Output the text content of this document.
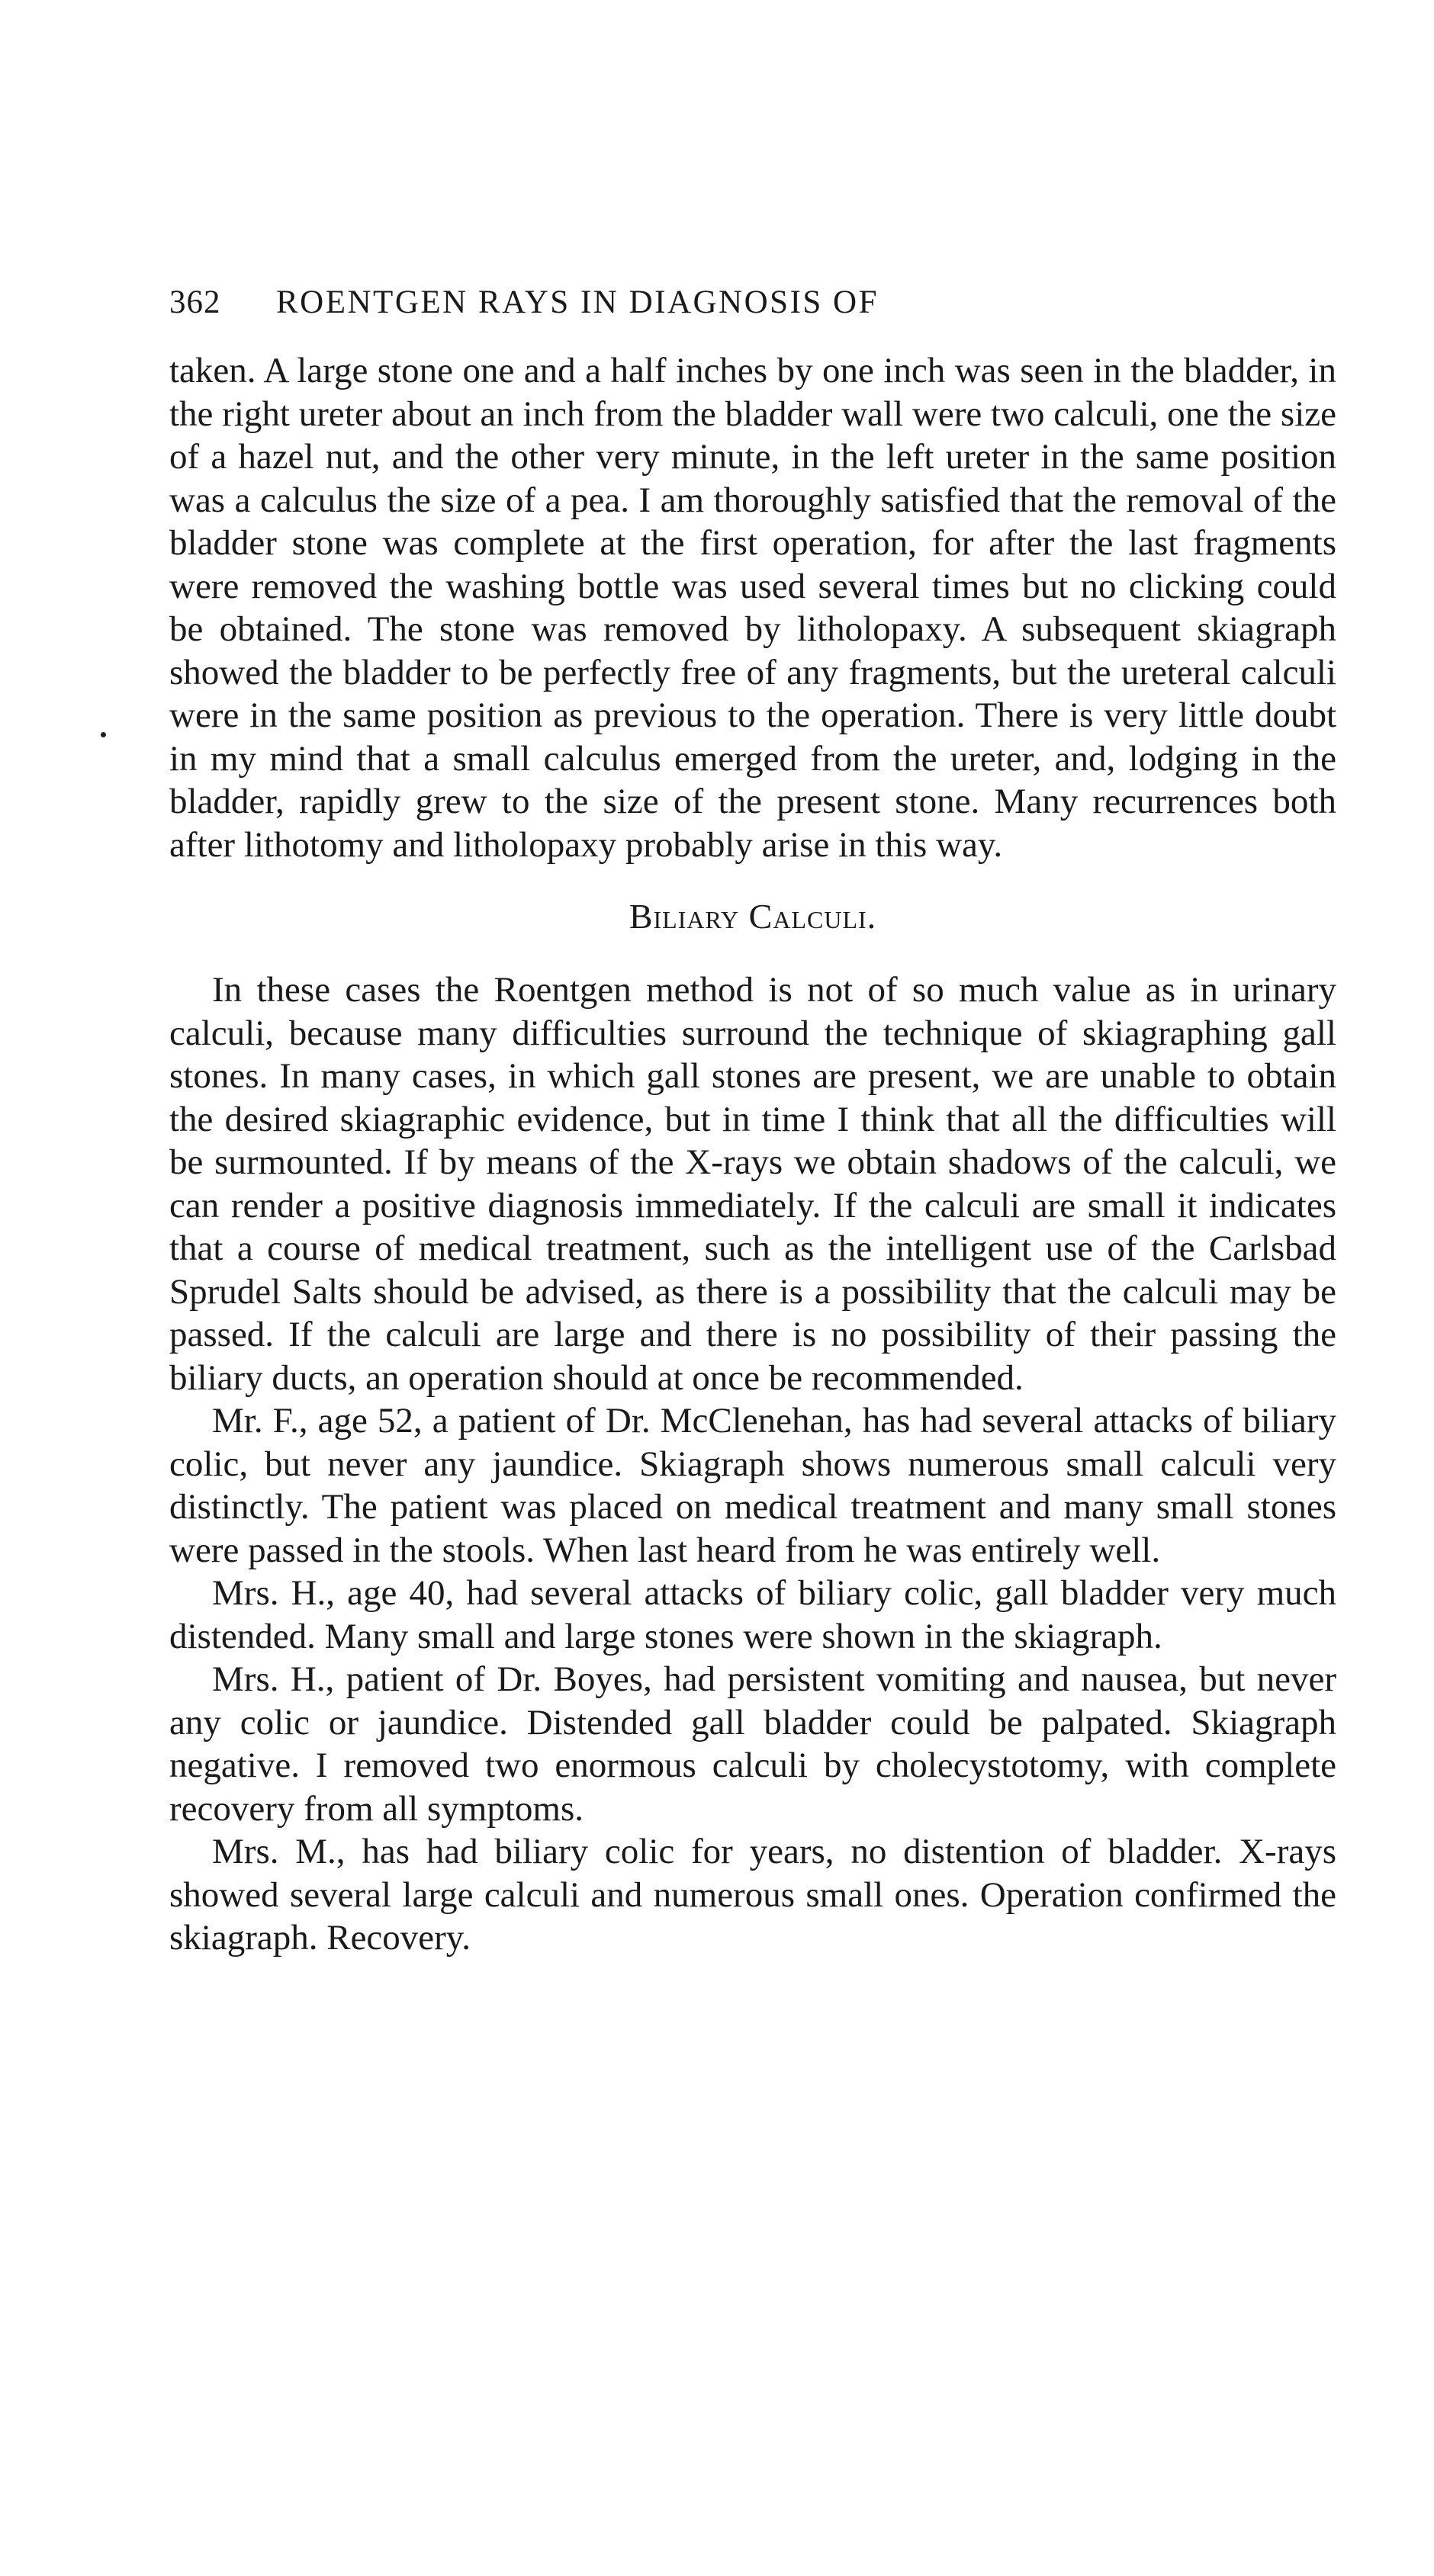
362	ROENTGEN RAYS IN DIAGNOSIS OF

taken. A large stone one and a half inches by one inch was seen in the bladder, in the right ureter about an inch from the bladder wall were two calculi, one the size of a hazel nut, and the other very minute, in the left ureter in the same position was a calculus the size of a pea. I am thoroughly satisfied that the removal of the bladder stone was complete at the first operation, for after the last fragments were removed the washing bottle was used several times but no clicking could be obtained. The stone was removed by litholopaxy. A subsequent skiagraph showed the bladder to be perfectly free of any fragments, but the ureteral calculi were in the same position as previous to the operation. There is very little doubt in my mind that a small calculus emerged from the ureter, and, lodging in the bladder, rapidly grew to the size of the present stone. Many recurrences both after lithotomy and litholopaxy probably arise in this way.

Biliary Calculi.

In these cases the Roentgen method is not of so much value as in urinary calculi, because many difficulties surround the technique of skiagraphing gall stones. In many cases, in which gall stones are present, we are unable to obtain the desired skiagraphic evidence, but in time I think that all the difficulties will be surmounted. If by means of the X-rays we obtain shadows of the calculi, we can render a positive diagnosis immediately. If the calculi are small it indicates that a course of medical treatment, such as the intelligent use of the Carlsbad Sprudel Salts should be advised, as there is a possibility that the calculi may be passed. If the calculi are large and there is no possibility of their passing the biliary ducts, an operation should at once be recommended.

Mr. F., age 52, a patient of Dr. McClenehan, has had several attacks of biliary colic, but never any jaundice. Skiagraph shows numerous small calculi very distinctly. The patient was placed on medical treatment and many small stones were passed in the stools. When last heard from he was entirely well.

Mrs. H., age 40, had several attacks of biliary colic, gall bladder very much distended. Many small and large stones were shown in the skiagraph.

Mrs. H., patient of Dr. Boyes, had persistent vomiting and nausea, but never any colic or jaundice. Distended gall bladder could be palpated. Skiagraph negative. I removed two enormous calculi by cholecystotomy, with complete recovery from all symptoms.

Mrs. M., has had biliary colic for years, no distention of bladder. X-rays showed several large calculi and numerous small ones. Operation confirmed the skiagraph. Recovery.
